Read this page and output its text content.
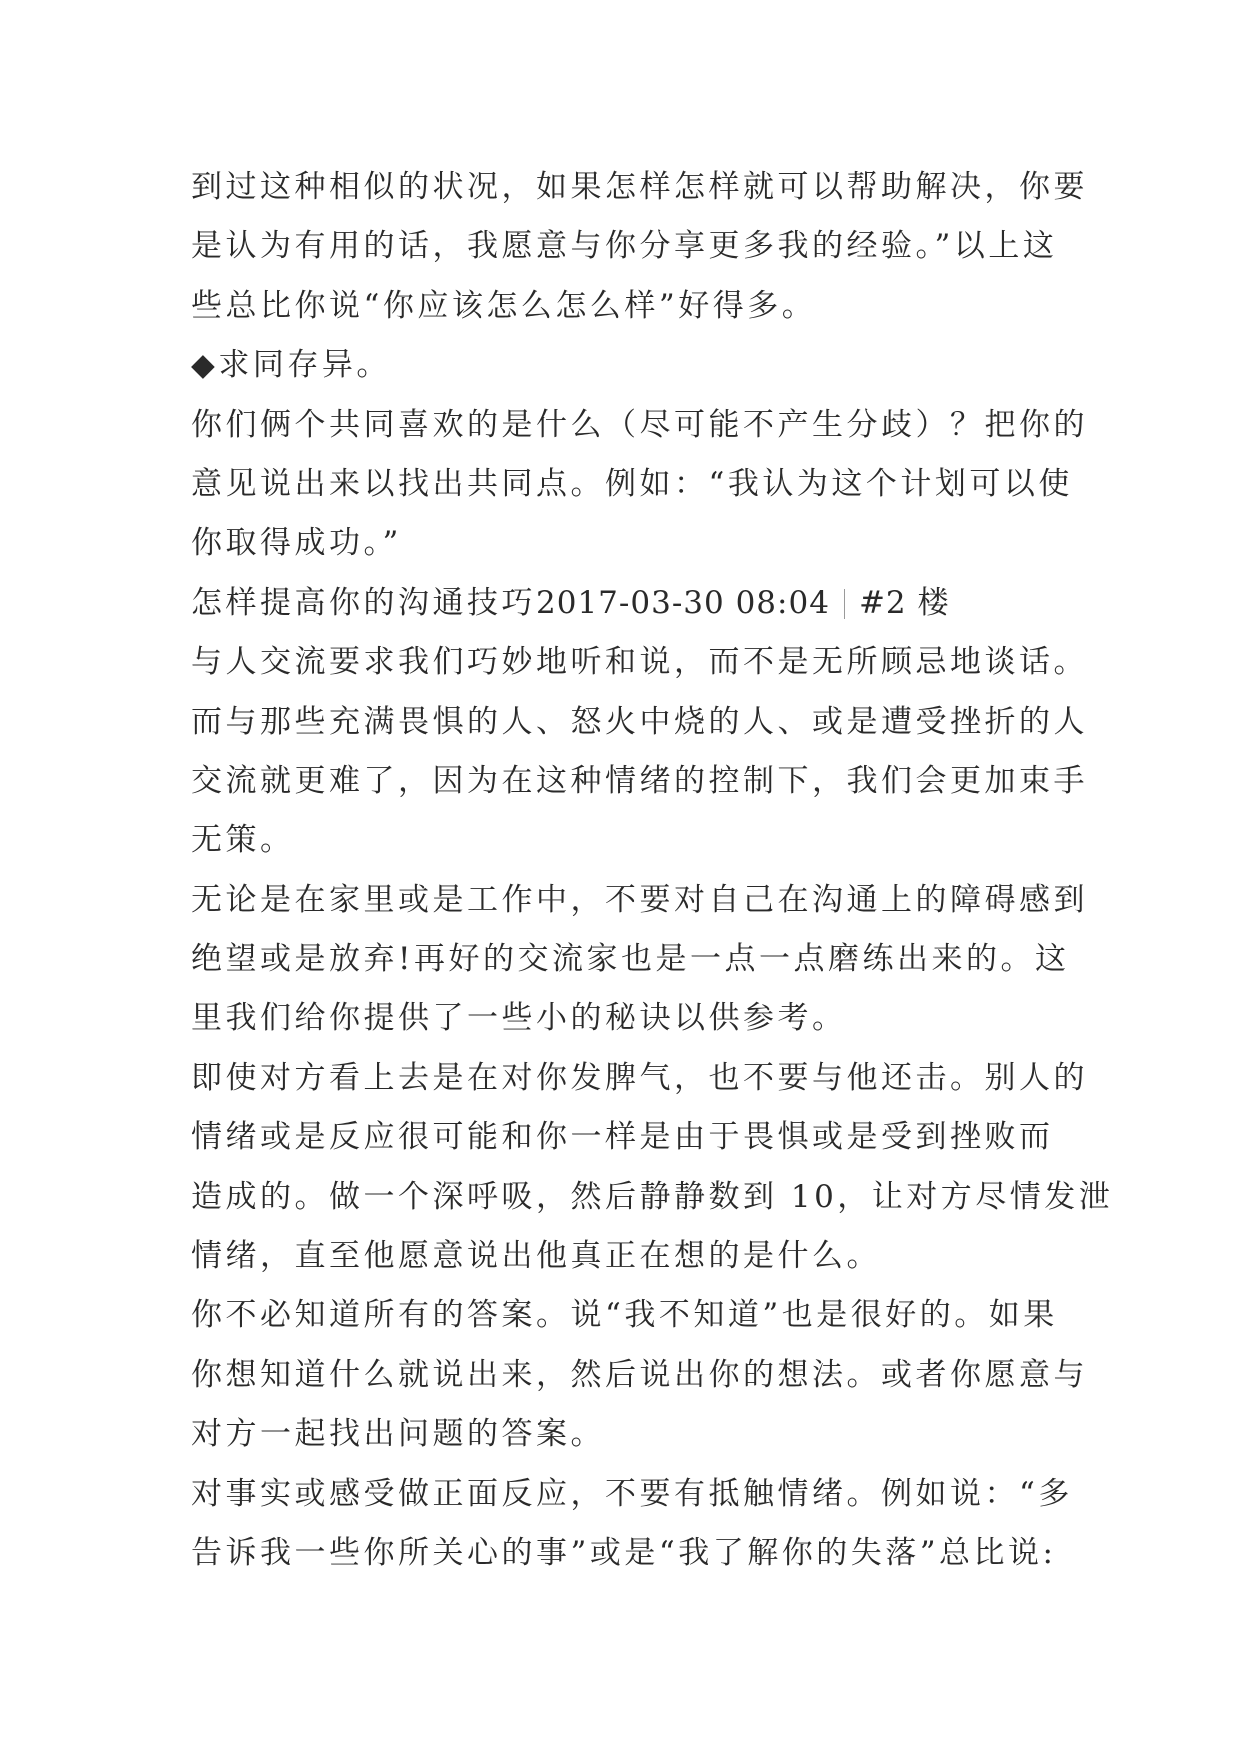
到过这种相似的状况，如果怎样怎样就可以帮助解决，你要
是认为有用的话，我愿意与你分享更多我的经验。”以上这
些总比你说“你应该怎么怎么样”好得多。
◆求同存异。
你们俩个共同喜欢的是什么（尽可能不产生分歧）？把你的
意见说出来以找出共同点。例如：“我认为这个计划可以使
你取得成功。”
怎样提高你的沟通技巧2017-03-30 08:04 #2 楼
与人交流要求我们巧妙地听和说，而不是无所顾忌地谈话。
而与那些充满畏惧的人、怒火中烧的人、或是遭受挫折的人
交流就更难了，因为在这种情绪的控制下，我们会更加束手
无策。
无论是在家里或是工作中，不要对自己在沟通上的障碍感到
绝望或是放弃!再好的交流家也是一点一点磨练出来的。这
里我们给你提供了一些小的秘诀以供参考。
即使对方看上去是在对你发脾气，也不要与他还击。别人的
情绪或是反应很可能和你一样是由于畏惧或是受到挫败而
造成的。做一个深呼吸，然后静静数到 10，让对方尽情发泄
情绪，直至他愿意说出他真正在想的是什么。
你不必知道所有的答案。说“我不知道”也是很好的。如果
你想知道什么就说出来，然后说出你的想法。或者你愿意与
对方一起找出问题的答案。
对事实或感受做正面反应，不要有抵触情绪。例如说：“多
告诉我一些你所关心的事”或是“我了解你的失落”总比说:
